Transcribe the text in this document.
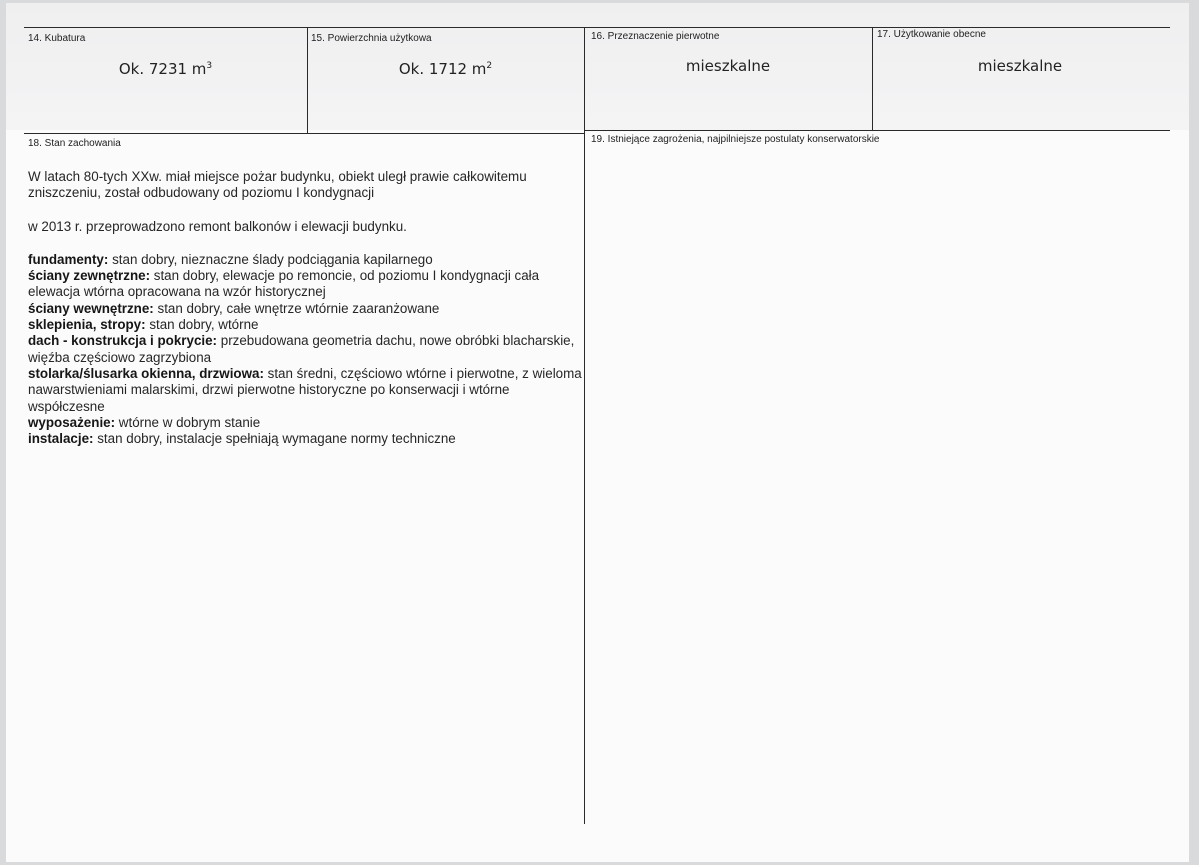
14. Kubatura
Ok. 7231 $m^3$
15. Powierzchnia użytkowa
Ok. 1712 $m^2$
16. Przeznaczenie pierwotne
mieszkalne
17. Użytkowanie obecne
mieszkalne
18. Stan zachowania	19. Istniejące zagrożenia, najpilniejsze postulaty konserwatorskie

W latach 80-tych XXw. miał miejsce pożar budynku, obiekt uległ prawie całkowitemu zniszczeniu, został odbudowany od poziomu I kondygnacji

w 2013 r. przeprowadzono remont balkonów i elewacji budynku.

fundamenty: stan dobry, nieznaczne ślady podciągania kapilarnego

ściany zewnętrzne: stan dobry, elewacje po remoncie, od poziomu I kondygnacji cała elewacja wtórna opracowana na wzór historycznej

ściany wewnętrzne: stan dobry, całe wnętrze wtórnie zaaranżowane

sklepienia, stropy: stan dobry, wtórne

dach - konstrukcja i pokrycie: przebudowana geometria dachu, nowe obróbki blacharskie, więźba częściowo zagrzybiona

stolarka/ślusarka okienna, drzwiowa: stan średni, częściowo wtórne i pierwotne, z wieloma nawarstwieniami malarskimi, drzwi pierwotne historyczne po konserwacji i wtórne współczesne

wyposażenie: wtórne w dobrym stanie

instalacje: stan dobry, instalacje spełniają wymagane normy techniczne
